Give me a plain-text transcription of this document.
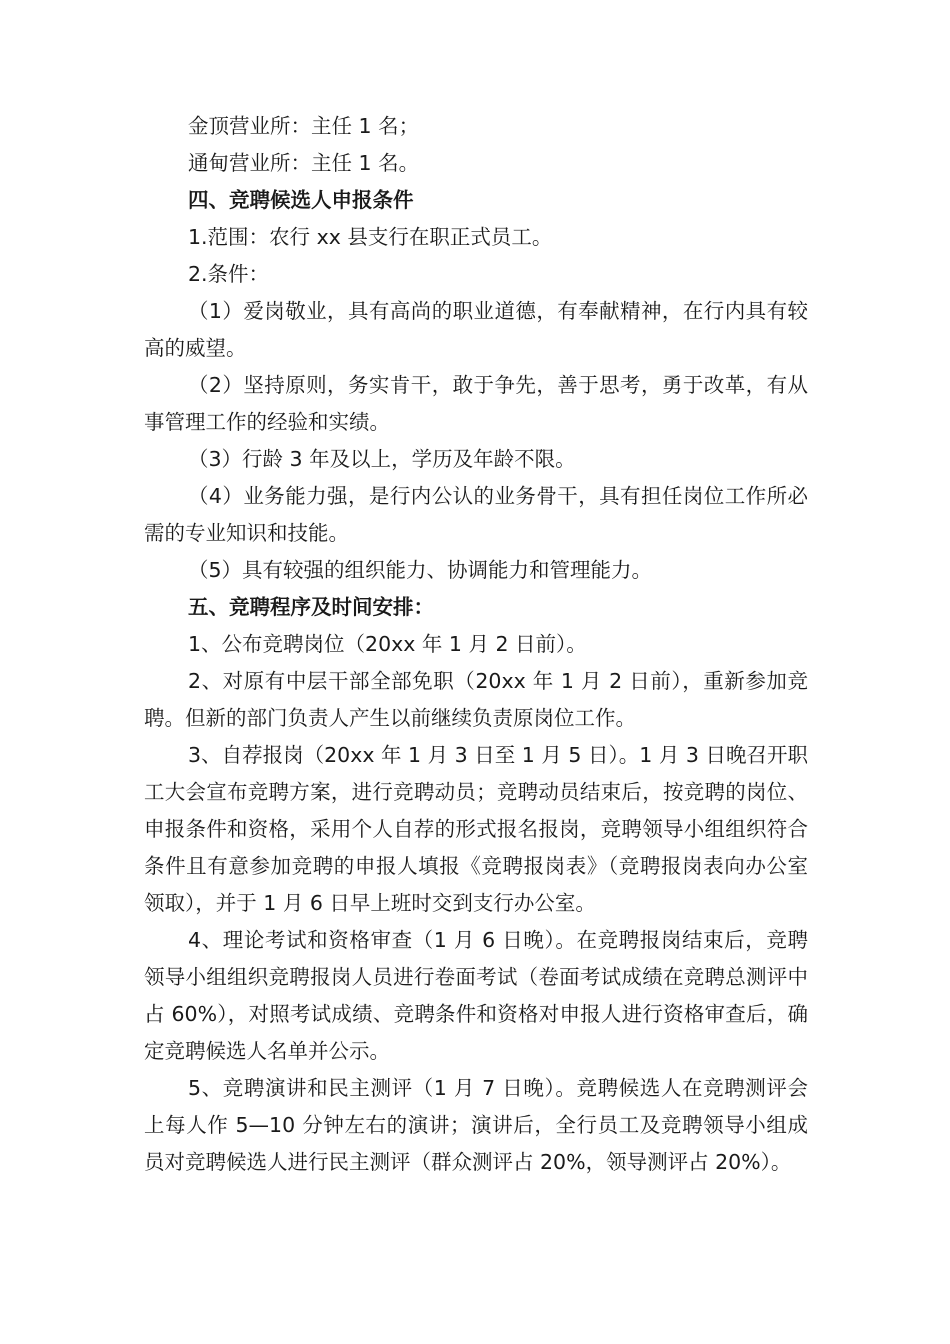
金顶营业所：主任 1 名；

通甸营业所：主任 1 名。

四、竞聘候选人申报条件

1.范围：农行 xx 县支行在职正式员工。

2.条件：

（1）爱岗敬业，具有高尚的职业道德，有奉献精神，在行内具有较高的威望。

（2）坚持原则，务实肯干，敢于争先，善于思考，勇于改革，有从事管理工作的经验和实绩。

（3）行龄 3 年及以上，学历及年龄不限。

（4）业务能力强，是行内公认的业务骨干，具有担任岗位工作所必需的专业知识和技能。

（5）具有较强的组织能力、协调能力和管理能力。

五、竞聘程序及时间安排：

1、公布竞聘岗位（20xx 年 1 月 2 日前）。

2、对原有中层干部全部免职（20xx 年 1 月 2 日前），重新参加竞聘。但新的部门负责人产生以前继续负责原岗位工作。

3、自荐报岗（20xx 年 1 月 3 日至 1 月 5 日）。1 月 3 日晚召开职工大会宣布竞聘方案，进行竞聘动员；竞聘动员结束后，按竞聘的岗位、申报条件和资格，采用个人自荐的形式报名报岗，竞聘领导小组组织符合条件且有意参加竞聘的申报人填报《竞聘报岗表》（竞聘报岗表向办公室领取），并于 1 月 6 日早上班时交到支行办公室。

4、理论考试和资格审查（1 月 6 日晚）。在竞聘报岗结束后，竞聘领导小组组织竞聘报岗人员进行卷面考试（卷面考试成绩在竞聘总测评中占 60%），对照考试成绩、竞聘条件和资格对申报人进行资格审查后，确定竞聘候选人名单并公示。

5、竞聘演讲和民主测评（1 月 7 日晚）。竞聘候选人在竞聘测评会上每人作 5—10 分钟左右的演讲；演讲后，全行员工及竞聘领导小组成员对竞聘候选人进行民主测评（群众测评占 20%，领导测评占 20%）。
